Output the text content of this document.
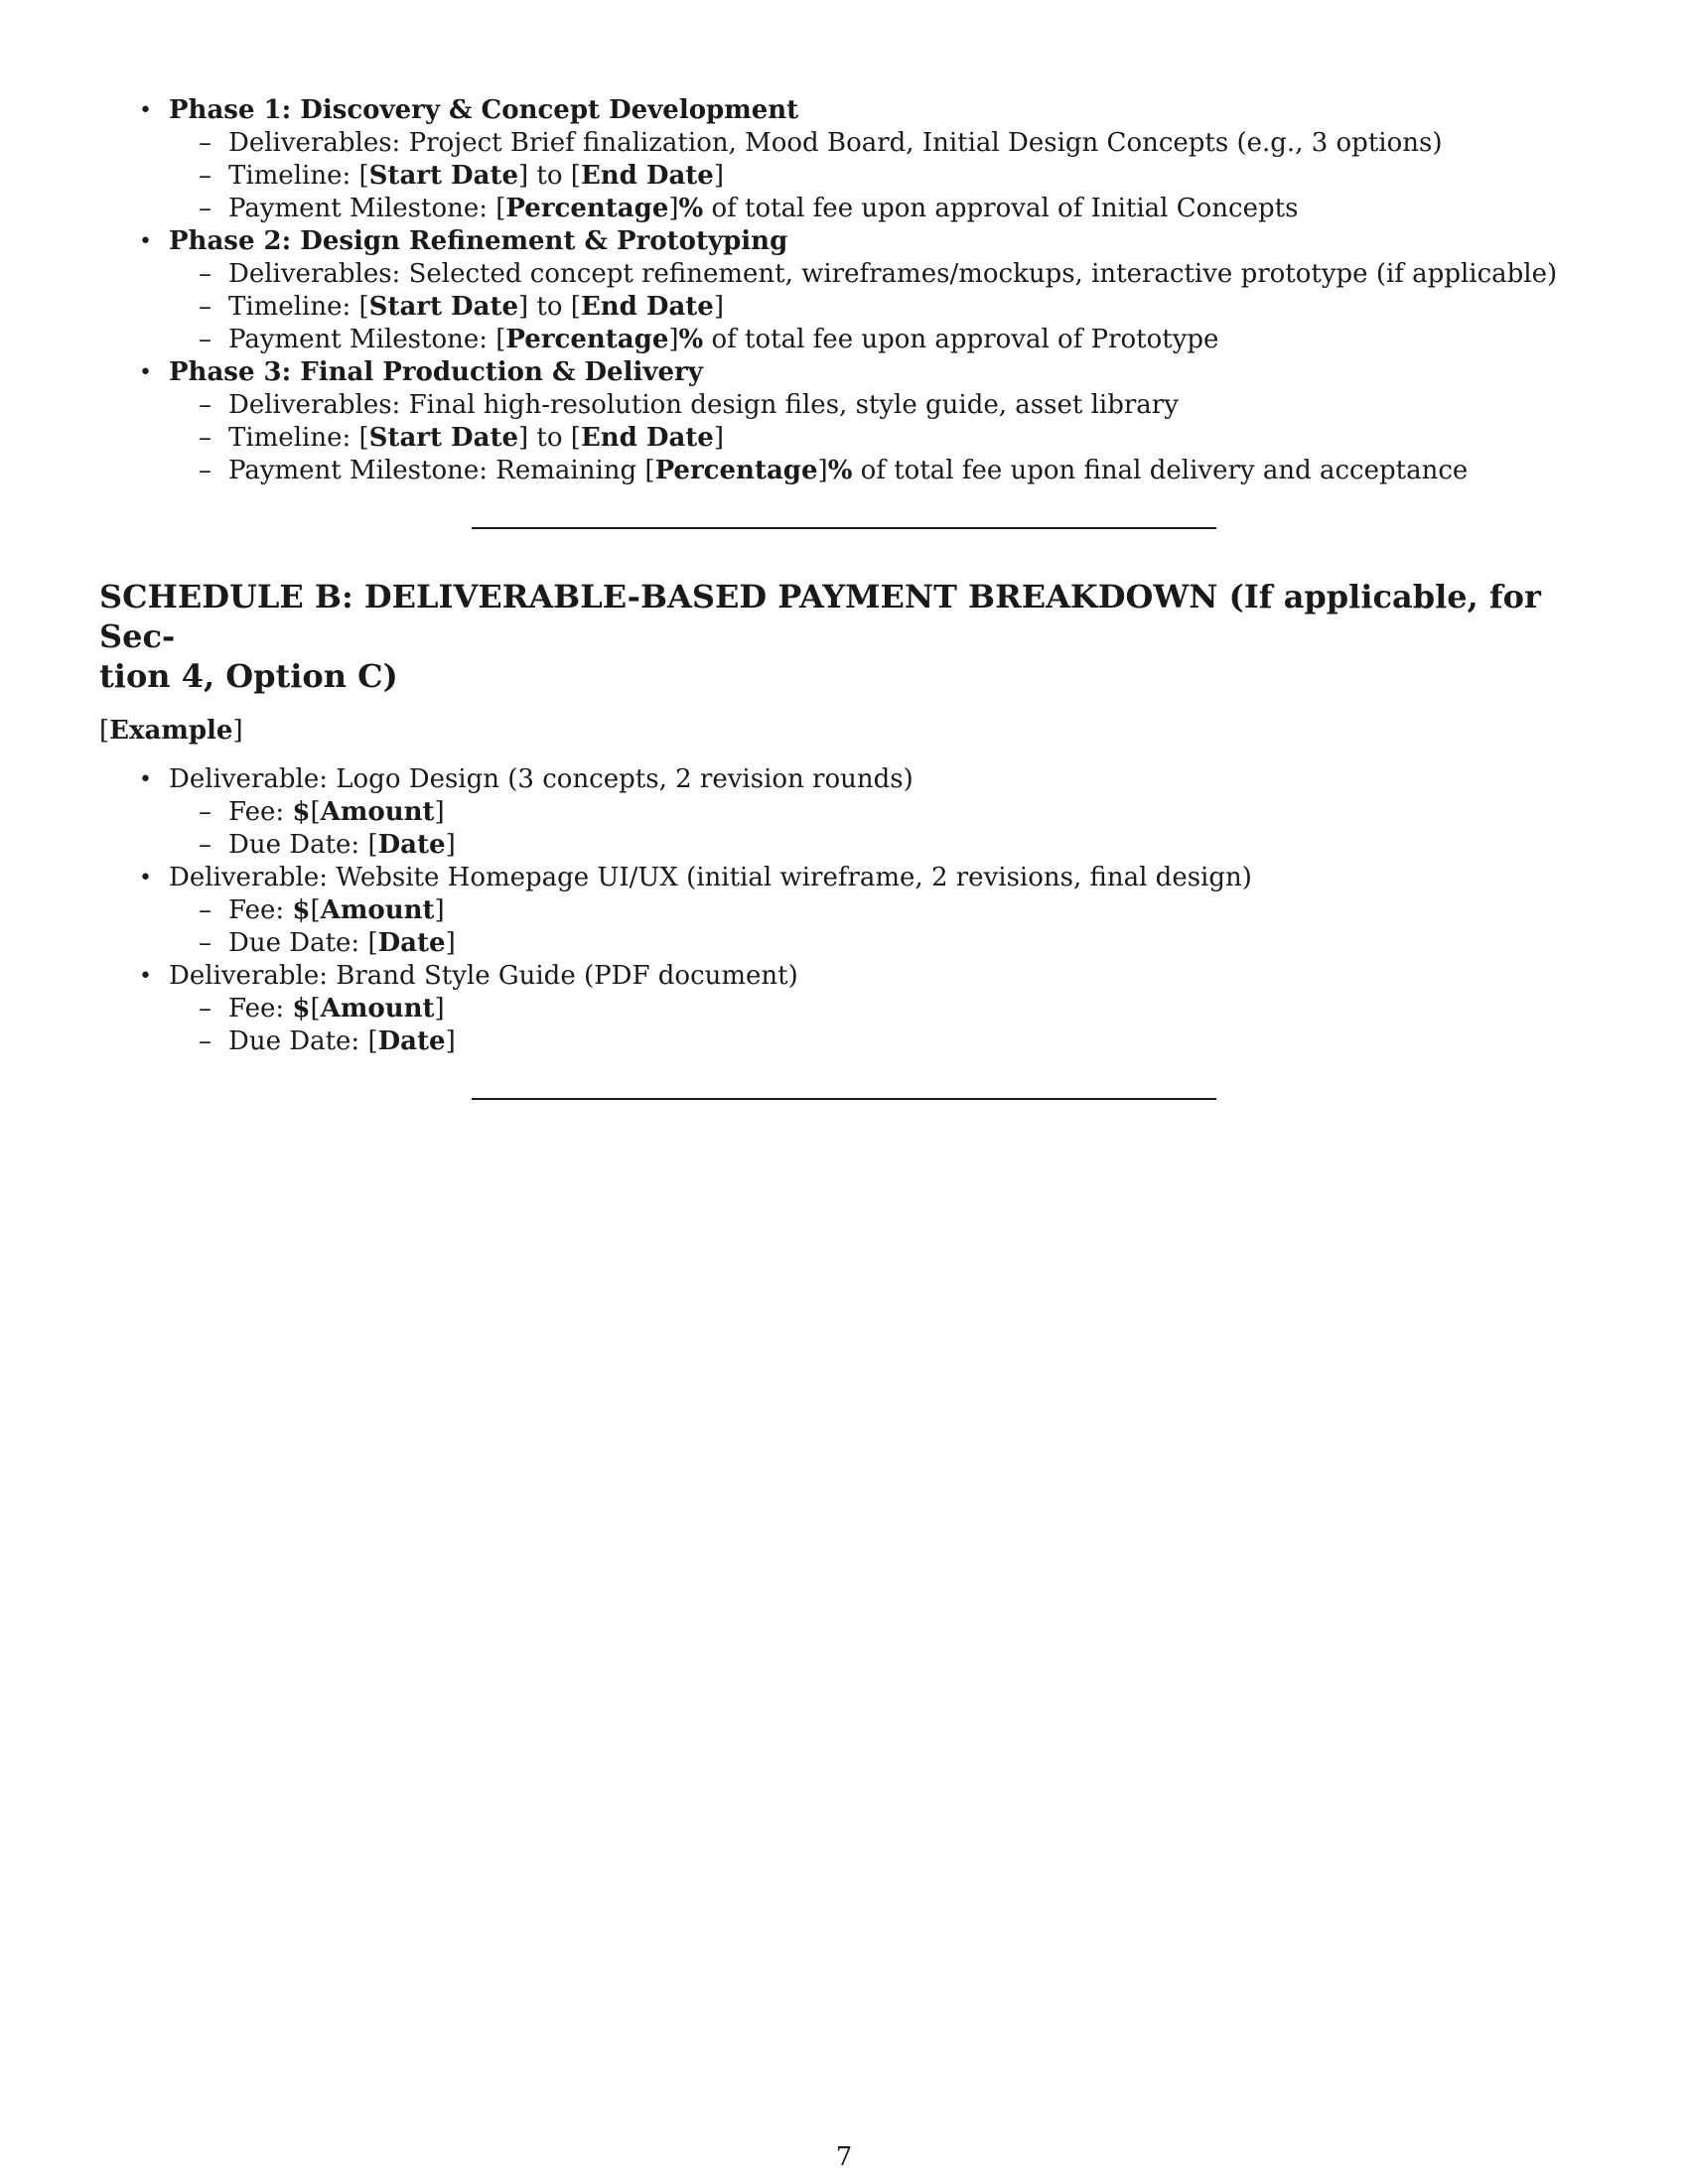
• Phase 1: Discovery & Concept Development
– Deliverables: Project Brief finalization, Mood Board, Initial Design Concepts (e.g., 3 options)
– Timeline: [Start Date] to [End Date]
– Payment Milestone: [Percentage]% of total fee upon approval of Initial Concepts
• Phase 2: Design Refinement & Prototyping
– Deliverables: Selected concept refinement, wireframes/mockups, interactive prototype (if applicable)
– Timeline: [Start Date] to [End Date]
– Payment Milestone: [Percentage]% of total fee upon approval of Prototype
• Phase 3: Final Production & Delivery
– Deliverables: Final high-resolution design files, style guide, asset library
– Timeline: [Start Date] to [End Date]
– Payment Milestone: Remaining [Percentage]% of total fee upon final delivery and acceptance
SCHEDULE B: DELIVERABLE-BASED PAYMENT BREAKDOWN (If applicable, for Sec-
tion 4, Option C)
[Example]
• Deliverable: Logo Design (3 concepts, 2 revision rounds)
– Fee: $[Amount]
– Due Date: [Date]
• Deliverable: Website Homepage UI/UX (initial wireframe, 2 revisions, final design)
– Fee: $[Amount]
– Due Date: [Date]
• Deliverable: Brand Style Guide (PDF document)
– Fee: $[Amount]
– Due Date: [Date]
7
